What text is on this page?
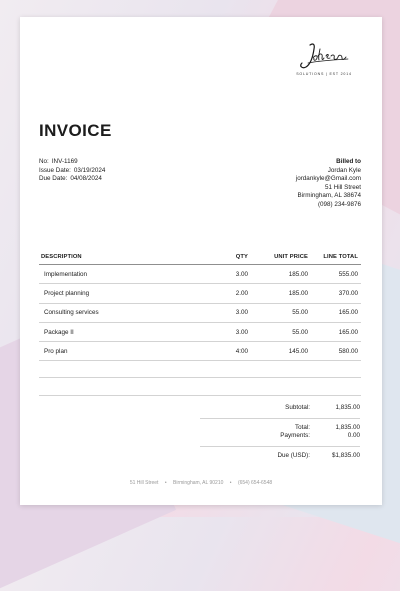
SOLUTIONS | EST 2014
INVOICE
No: INV-1169
Issue Date: 03/19/2024
Due Date: 04/08/2024
Billed to
Jordan Kyle
jordankyle@Gmail.com
51 Hill Street
Birmingham, AL 38674
(098) 234-9876
DESCRIPTION	QTY	UNIT PRICE	LINE TOTAL
Implementation	3.00	185.00	555.00
Project planning	2.00	185.00	370.00
Consulting services	3.00	55.00	165.00
Package II	3.00	55.00	165.00
Pro plan	4:00	145.00	580.00
Subtotal:	1,835.00
Total:	1,835.00
Payments:	0.00
Due (USD):	$1,835.00
51 Hill Street • Birmingham, AL 90210 • (654) 654-6548
